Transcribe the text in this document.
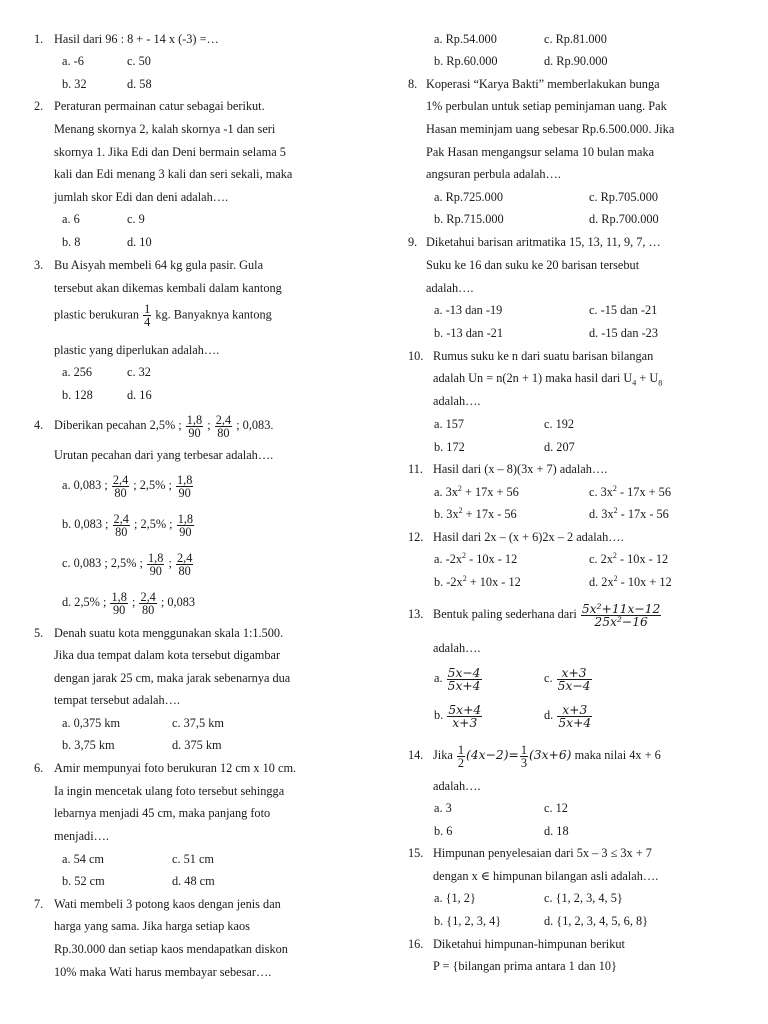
1. Hasil dari 96 : 8 + - 14 x (-3) =…
a. -6	c. 50
b. 32	d. 58
2. Peraturan permainan catur sebagai berikut.
Menang skornya 2, kalah skornya -1 dan seri
skornya 1. Jika Edi dan Deni bermain selama 5
kali dan Edi menang 3 kali dan seri sekali, maka
jumlah skor Edi dan deni adalah….
a. 6	c. 9
b. 8	d. 10
3. Bu Aisyah membeli 64 kg gula pasir. Gula
tersebut akan dikemas kembali dalam kantong
plastic berukuran $\frac{1}{4}$ kg. Banyaknya kantong
plastic yang diperlukan adalah….
a. 256	c. 32
b. 128	d. 16
4. Diberikan pecahan 2,5% ; $\frac{1,8}{90}$ ; $\frac{2,4}{80}$ ; 0,083.
Urutan pecahan dari yang terbesar adalah….
a. 0,083 ; $\frac{2,4}{80}$ ; 2,5% ; $\frac{1,8}{90}$
b. 0,083 ; $\frac{2,4}{80}$ ; 2,5% ; $\frac{1,8}{90}$
c. 0,083 ; 2,5% ; $\frac{1,8}{90}$ ; $\frac{2,4}{80}$
d. 2,5% ; $\frac{1,8}{90}$ ; $\frac{2,4}{80}$ ; 0,083
5. Denah suatu kota menggunakan skala 1:1.500.
Jika dua tempat dalam kota tersebut digambar
dengan jarak 25 cm, maka jarak sebenarnya dua
tempat tersebut adalah….
a. 0,375 km	c. 37,5 km
b. 3,75 km	d. 375 km
6. Amir mempunyai foto berukuran 12 cm x 10 cm.
Ia ingin mencetak ulang foto tersebut sehingga
lebarnya menjadi 45 cm, maka panjang foto
menjadi….
a. 54 cm	c. 51 cm
b. 52 cm	d. 48 cm
7. Wati membeli 3 potong kaos dengan jenis dan
harga yang sama. Jika harga setiap kaos
Rp.30.000 dan setiap kaos mendapatkan diskon
10% maka Wati harus membayar sebesar….
a. Rp.54.000	c. Rp.81.000
b. Rp.60.000	d. Rp.90.000
8. Koperasi “Karya Bakti” memberlakukan bunga
1% perbulan untuk setiap peminjaman uang. Pak
Hasan meminjam uang sebesar Rp.6.500.000. Jika
Pak Hasan mengangsur selama 10 bulan maka
angsuran perbula adalah….
a. Rp.725.000	c. Rp.705.000
b. Rp.715.000	d. Rp.700.000
9. Diketahui barisan aritmatika 15, 13, 11, 9, 7, …
Suku ke 16 dan suku ke 20 barisan tersebut
adalah….
a. -13 dan -19	c. -15 dan -21
b. -13 dan -21	d. -15 dan -23
10. Rumus suku ke n dari suatu barisan bilangan
adalah Un = n(2n + 1) maka hasil dari $U_4 + U_8$
adalah….
a. 157	c. 192
b. 172	d. 207
11. Hasil dari (x – 8)(3x + 7) adalah….
a. $3x^2 + 17x + 56$	c. $3x^2 - 17x + 56$
b. $3x^2 + 17x - 56$	d. $3x^2 - 17x - 56$
12. Hasil dari 2x – (x + 6)2x – 2 adalah….
a. $-2x^2 - 10x - 12$	c. $2x^2 - 10x - 12$
b. $-2x^2 + 10x - 12$	d. $2x^2 - 10x + 12$
13. Bentuk paling sederhana dari $\frac{\text{5x²+11x−12}}{\text{25x²−16}}$
adalah….
a. $\frac{5x-4}{5x+4}$	c. $\frac{x+3}{5x-4}$
b. $\frac{5x+4}{x+3}$	d. $\frac{x+3}{5x+4}$
14. Jika $\frac{1}{2} (4x-2)= \frac{1}{3} (3x+6)$ maka nilai 4x + 6
adalah….
a. 3	c. 12
b. 6	d. 18
15. Himpunan penyelesaian dari 5x – 3 ≤ 3x + 7
dengan x ∈ himpunan bilangan asli adalah….
a. {1, 2}	c. {1, 2, 3, 4, 5}
b. {1, 2, 3, 4}	d. {1, 2, 3, 4, 5, 6, 8}
16. Diketahui himpunan-himpunan berikut
P = {bilangan prima antara 1 dan 10}
